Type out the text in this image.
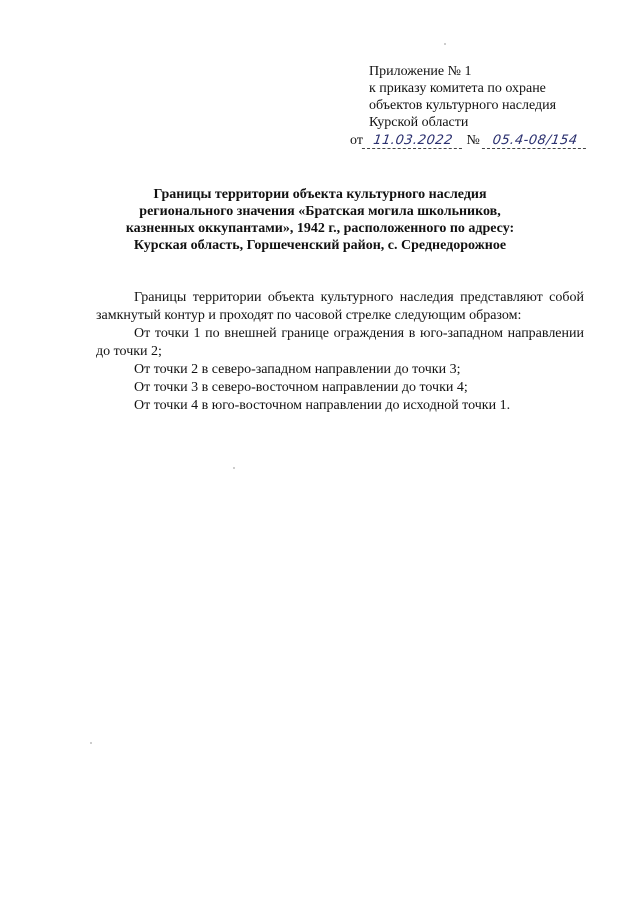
Приложение № 1
к приказу комитета по охране
объектов культурного наследия
Курской области
от 11.03.2022 № 05.4-08/154
Границы территории объекта культурного наследия
регионального значения «Братская могила школьников,
казненных оккупантами», 1942 г., расположенного по адресу:
Курская область, Горшеченский район, с. Среднедорожное

Границы территории объекта культурного наследия представляют собой замкнутый контур и проходят по часовой стрелке следующим образом:

От точки 1 по внешней границе ограждения в юго-западном направлении до точки 2;

От точки 2 в северо-западном направлении до точки 3;

От точки 3 в северо-восточном направлении до точки 4;

От точки 4 в юго-восточном направлении до исходной точки 1.
